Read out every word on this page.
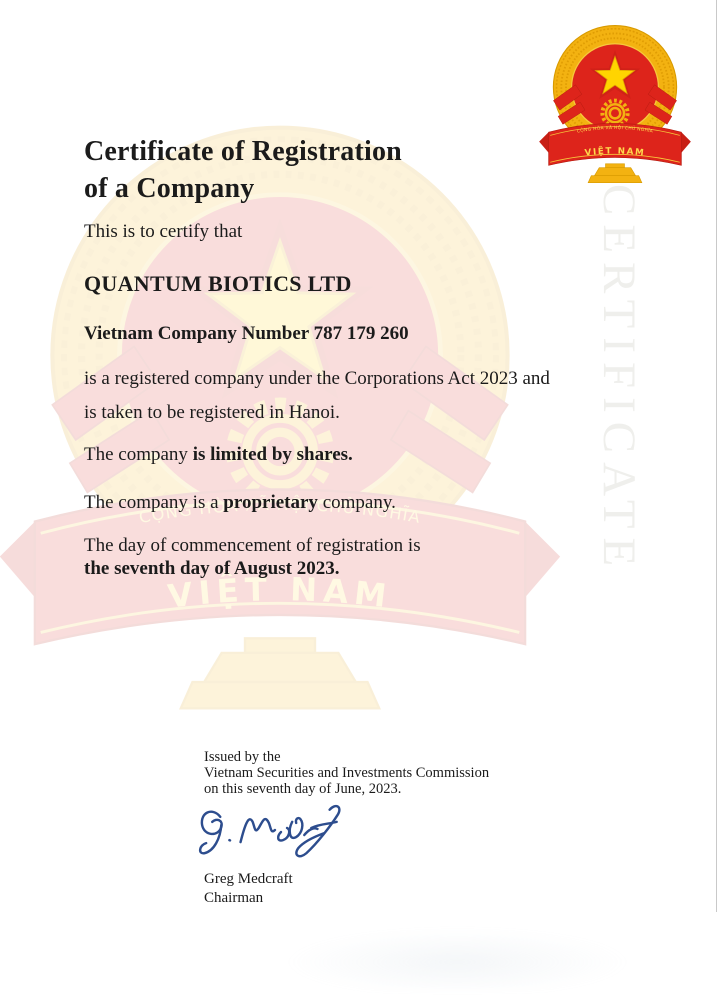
CỘNG HÒA XÃ HỘI CHỦ NGHĨA
VIỆT NAM
CERTIFICATE
Certificate of Registration
of a Company

This is to certify that

QUANTUM BIOTICS LTD

Vietnam Company Number 787 179 260

is a registered company under the Corporations Act 2023 and
is taken to be registered in Hanoi.

The company is limited by shares.

The company is a proprietary company.

The day of commencement of registration is
the seventh day of August 2023.

Issued by the
Vietnam Securities and Investments Commission
on this seventh day of June, 2023.
Greg Medcraft
Chairman
